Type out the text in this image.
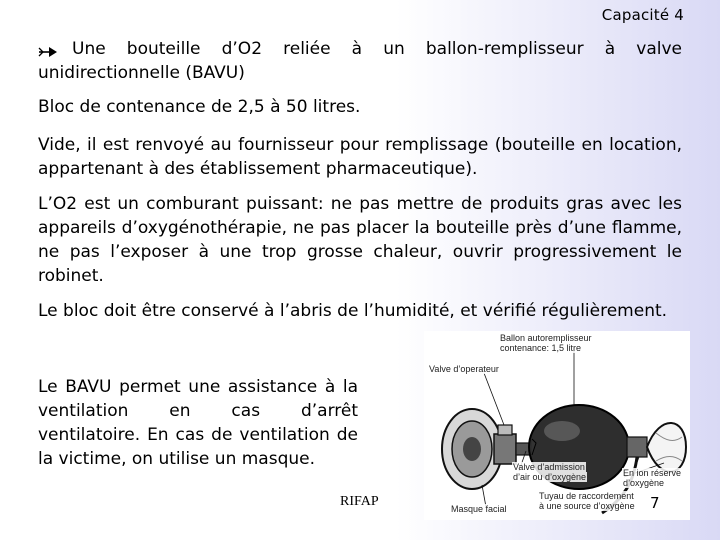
Capacité 4

Une bouteille d’O2 reliée à un ballon-remplisseur à valve unidirectionnelle (BAVU)

Bloc de contenance de 2,5 à 50 litres.

Vide, il est renvoyé au fournisseur pour remplissage (bouteille en location, appartenant à des établissement pharmaceutique).

L’O2 est un comburant puissant: ne pas mettre de produits gras avec les appareils d’oxygénothérapie, ne pas placer la bouteille près d’une flamme, ne pas l’exposer à une trop grosse chaleur, ouvrir progressivement le robinet.

Le bloc doit être conservé à l’abris de l’humidité, et vérifié régulièrement.

Le BAVU permet une assistance à la ventilation en cas d’arrêt ventilatoire. En cas de ventilation de la victime, on utilise un masque.

Ballon autoremplisseur
contenance: 1,5 litre
Valve d’operateur
Valve d’admission
d’air ou d’oxygène	En ion réserve
d’oxygène
Tuyau de raccordement
à une source d’oxygène
Masque facial
RIFAP	7
